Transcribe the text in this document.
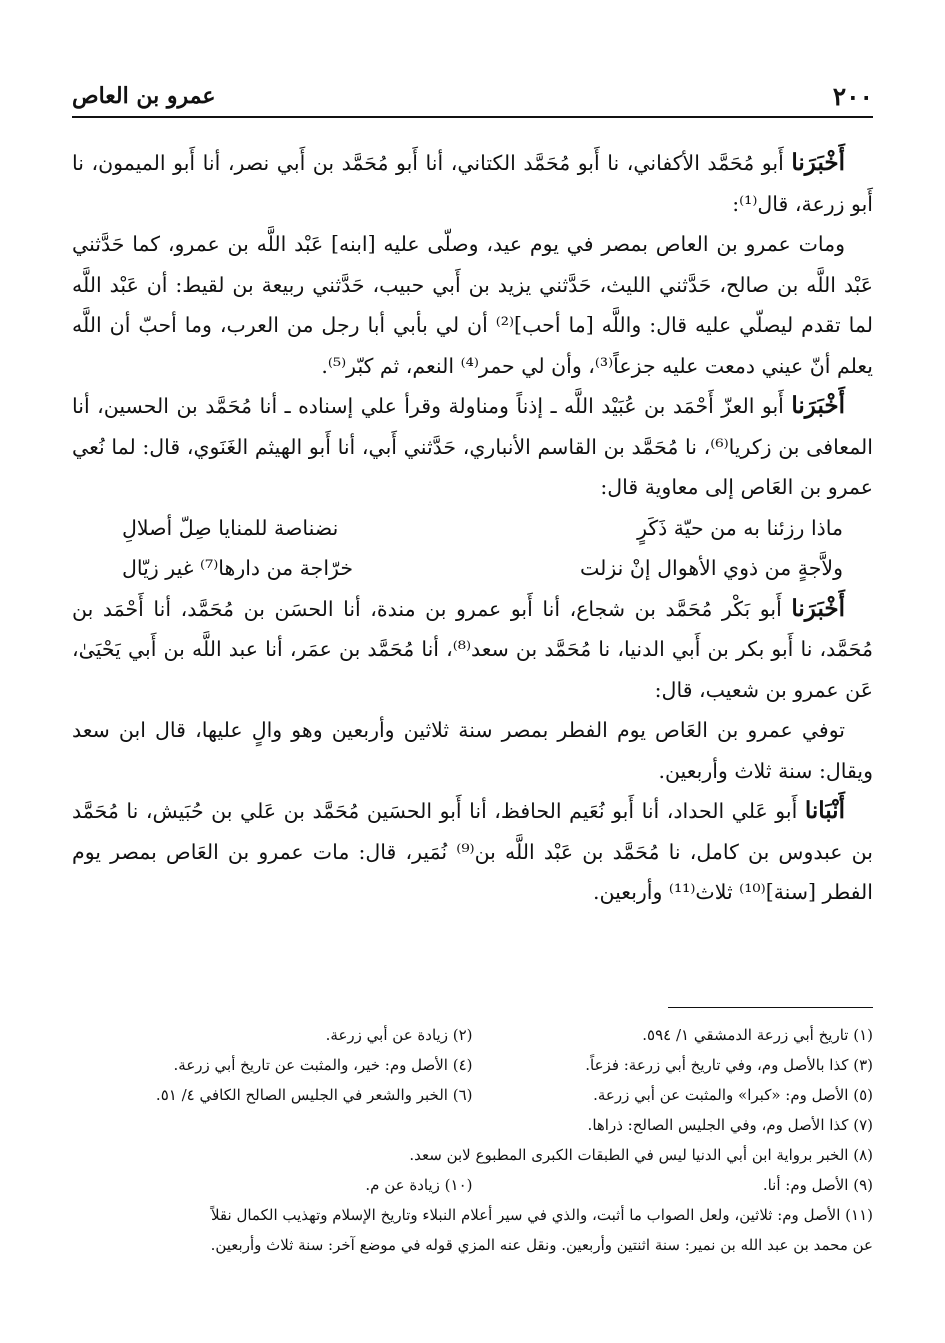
٢٠٠
عمرو بن العاص

أَخْبَرَنا أَبو مُحَمَّد الأكفاني، نا أَبو مُحَمَّد الكتاني، أنا أَبو مُحَمَّد بن أَبي نصر، أنا أَبو الميمون، نا أَبو زرعة، قال⁽¹⁾:

ومات عمرو بن العاص بمصر في يوم عيد، وصلّى عليه [ابنه] عَبْد اللَّه بن عمرو، كما حَدَّثني عَبْد اللَّه بن صالح، حَدَّثني الليث، حَدَّثني يزيد بن أَبي حبيب، حَدَّثني ربيعة بن لقيط: أن عَبْد اللَّه لما تقدم ليصلّي عليه قال: واللَّه [ما أحب]⁽²⁾ أن لي بأبي أبا رجل من العرب، وما أحبّ أن اللَّه يعلم أنّ عيني دمعت عليه جزعاً⁽³⁾، وأن لي حمر⁽⁴⁾ النعم، ثم كبّر⁽⁵⁾.

أَخْبَرَنا أَبو العزّ أَحْمَد بن عُبَيْد اللَّه ـ إذناً ومناولة وقرأ علي إسناده ـ أنا مُحَمَّد بن الحسين، أنا المعافى بن زكريا⁽⁶⁾، نا مُحَمَّد بن القاسم الأنباري، حَدَّثني أَبي، أنا أَبو الهيثم الغَنَوي، قال: لما نُعي عمرو بن العَاص إلى معاوية قال:

ماذا رزئنا به من حيّة ذَكَرٍ
نضناصة للمنايا صِلّ أصلالِ
ولاَّجةٍ من ذوي الأهوال إنْ نزلت
خرّاجة من دارها⁽⁷⁾ غير زيّال

أَخْبَرَنا أَبو بَكْر مُحَمَّد بن شجاع، أنا أَبو عمرو بن مندة، أنا الحسَن بن مُحَمَّد، أنا أَحْمَد بن مُحَمَّد، نا أَبو بكر بن أَبي الدنيا، نا مُحَمَّد بن سعد⁽⁸⁾، أنا مُحَمَّد بن عمَر، أنا عبد اللَّه بن أَبي يَحْيَىٰ، عَن عمرو بن شعيب، قال:

توفي عمرو بن العَاص يوم الفطر بمصر سنة ثلاثين وأربعين وهو والٍ عليها، قال ابن سعد ويقال: سنة ثلاث وأربعين.

أَنْبَانا أَبو عَلي الحداد، أنا أَبو نُعَيم الحافظ، أنا أَبو الحسَين مُحَمَّد بن عَلي بن حُبَيش، نا مُحَمَّد بن عبدوس بن كامل، نا مُحَمَّد بن عَبْد اللَّه بن⁽⁹⁾ نُمَير، قال: مات عمرو بن العَاص بمصر يوم الفطر [سنة]⁽¹⁰⁾ ثلاث⁽¹¹⁾ وأربعين.

(١) تاريخ أبي زرعة الدمشقي ١/ ٥٩٤.
(٢) زيادة عن أبي زرعة.
(٣) كذا بالأصل وم، وفي تاريخ أبي زرعة: فزعاً.
(٤) الأصل وم: خير، والمثبت عن تاريخ أبي زرعة.
(٥) الأصل وم: «كبرا» والمثبت عن أبي زرعة.
(٦) الخبر والشعر في الجليس الصالح الكافي ٤/ ٥١.
(٧) كذا الأصل وم، وفي الجليس الصالح: ذراها.
(٨) الخبر برواية ابن أبي الدنيا ليس في الطبقات الكبرى المطبوع لابن سعد.
(٩) الأصل وم: أنا.
(١٠) زيادة عن م.
(١١) الأصل وم: ثلاثين، ولعل الصواب ما أثبت، والذي في سير أعلام النبلاء وتاريخ الإسلام وتهذيب الكمال نقلاً
عن محمد بن عبد الله بن نمير: سنة اثنتين وأربعين. ونقل عنه المزي قوله في موضع آخر: سنة ثلاث وأربعين.
